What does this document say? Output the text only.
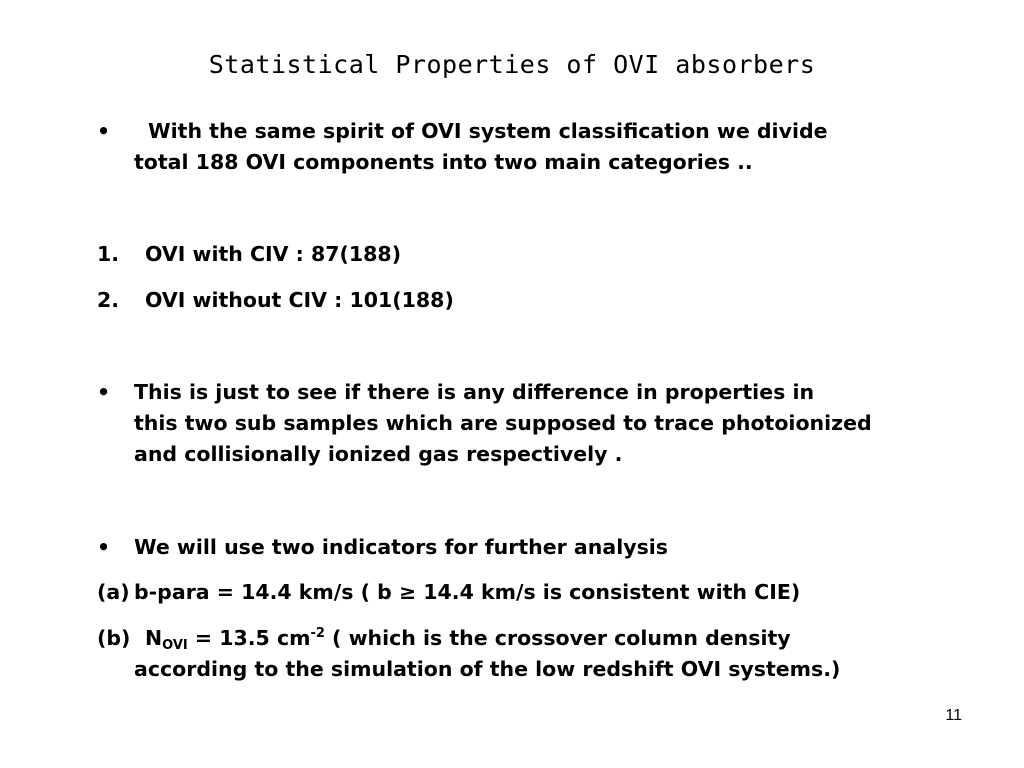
Statistical Properties of OVI absorbers
•	With the same spirit of OVI system classification we divide
total 188 OVI components into two main categories ..
1. OVI with CIV : 87(188)
2. OVI without CIV : 101(188)
• This is just to see if there is any difference in properties in
this two sub samples which are supposed to trace photoionized
and collisionally ionized gas respectively .
• We will use two indicators for further analysis
(a) b-para = 14.4 km/s ( b ≥ 14.4 km/s is consistent with CIE)
(b) $N_{OVI} = 13.5$ $cm^{-2}$ ( which is the crossover column density
according to the simulation of the low redshift OVI systems.)
11
